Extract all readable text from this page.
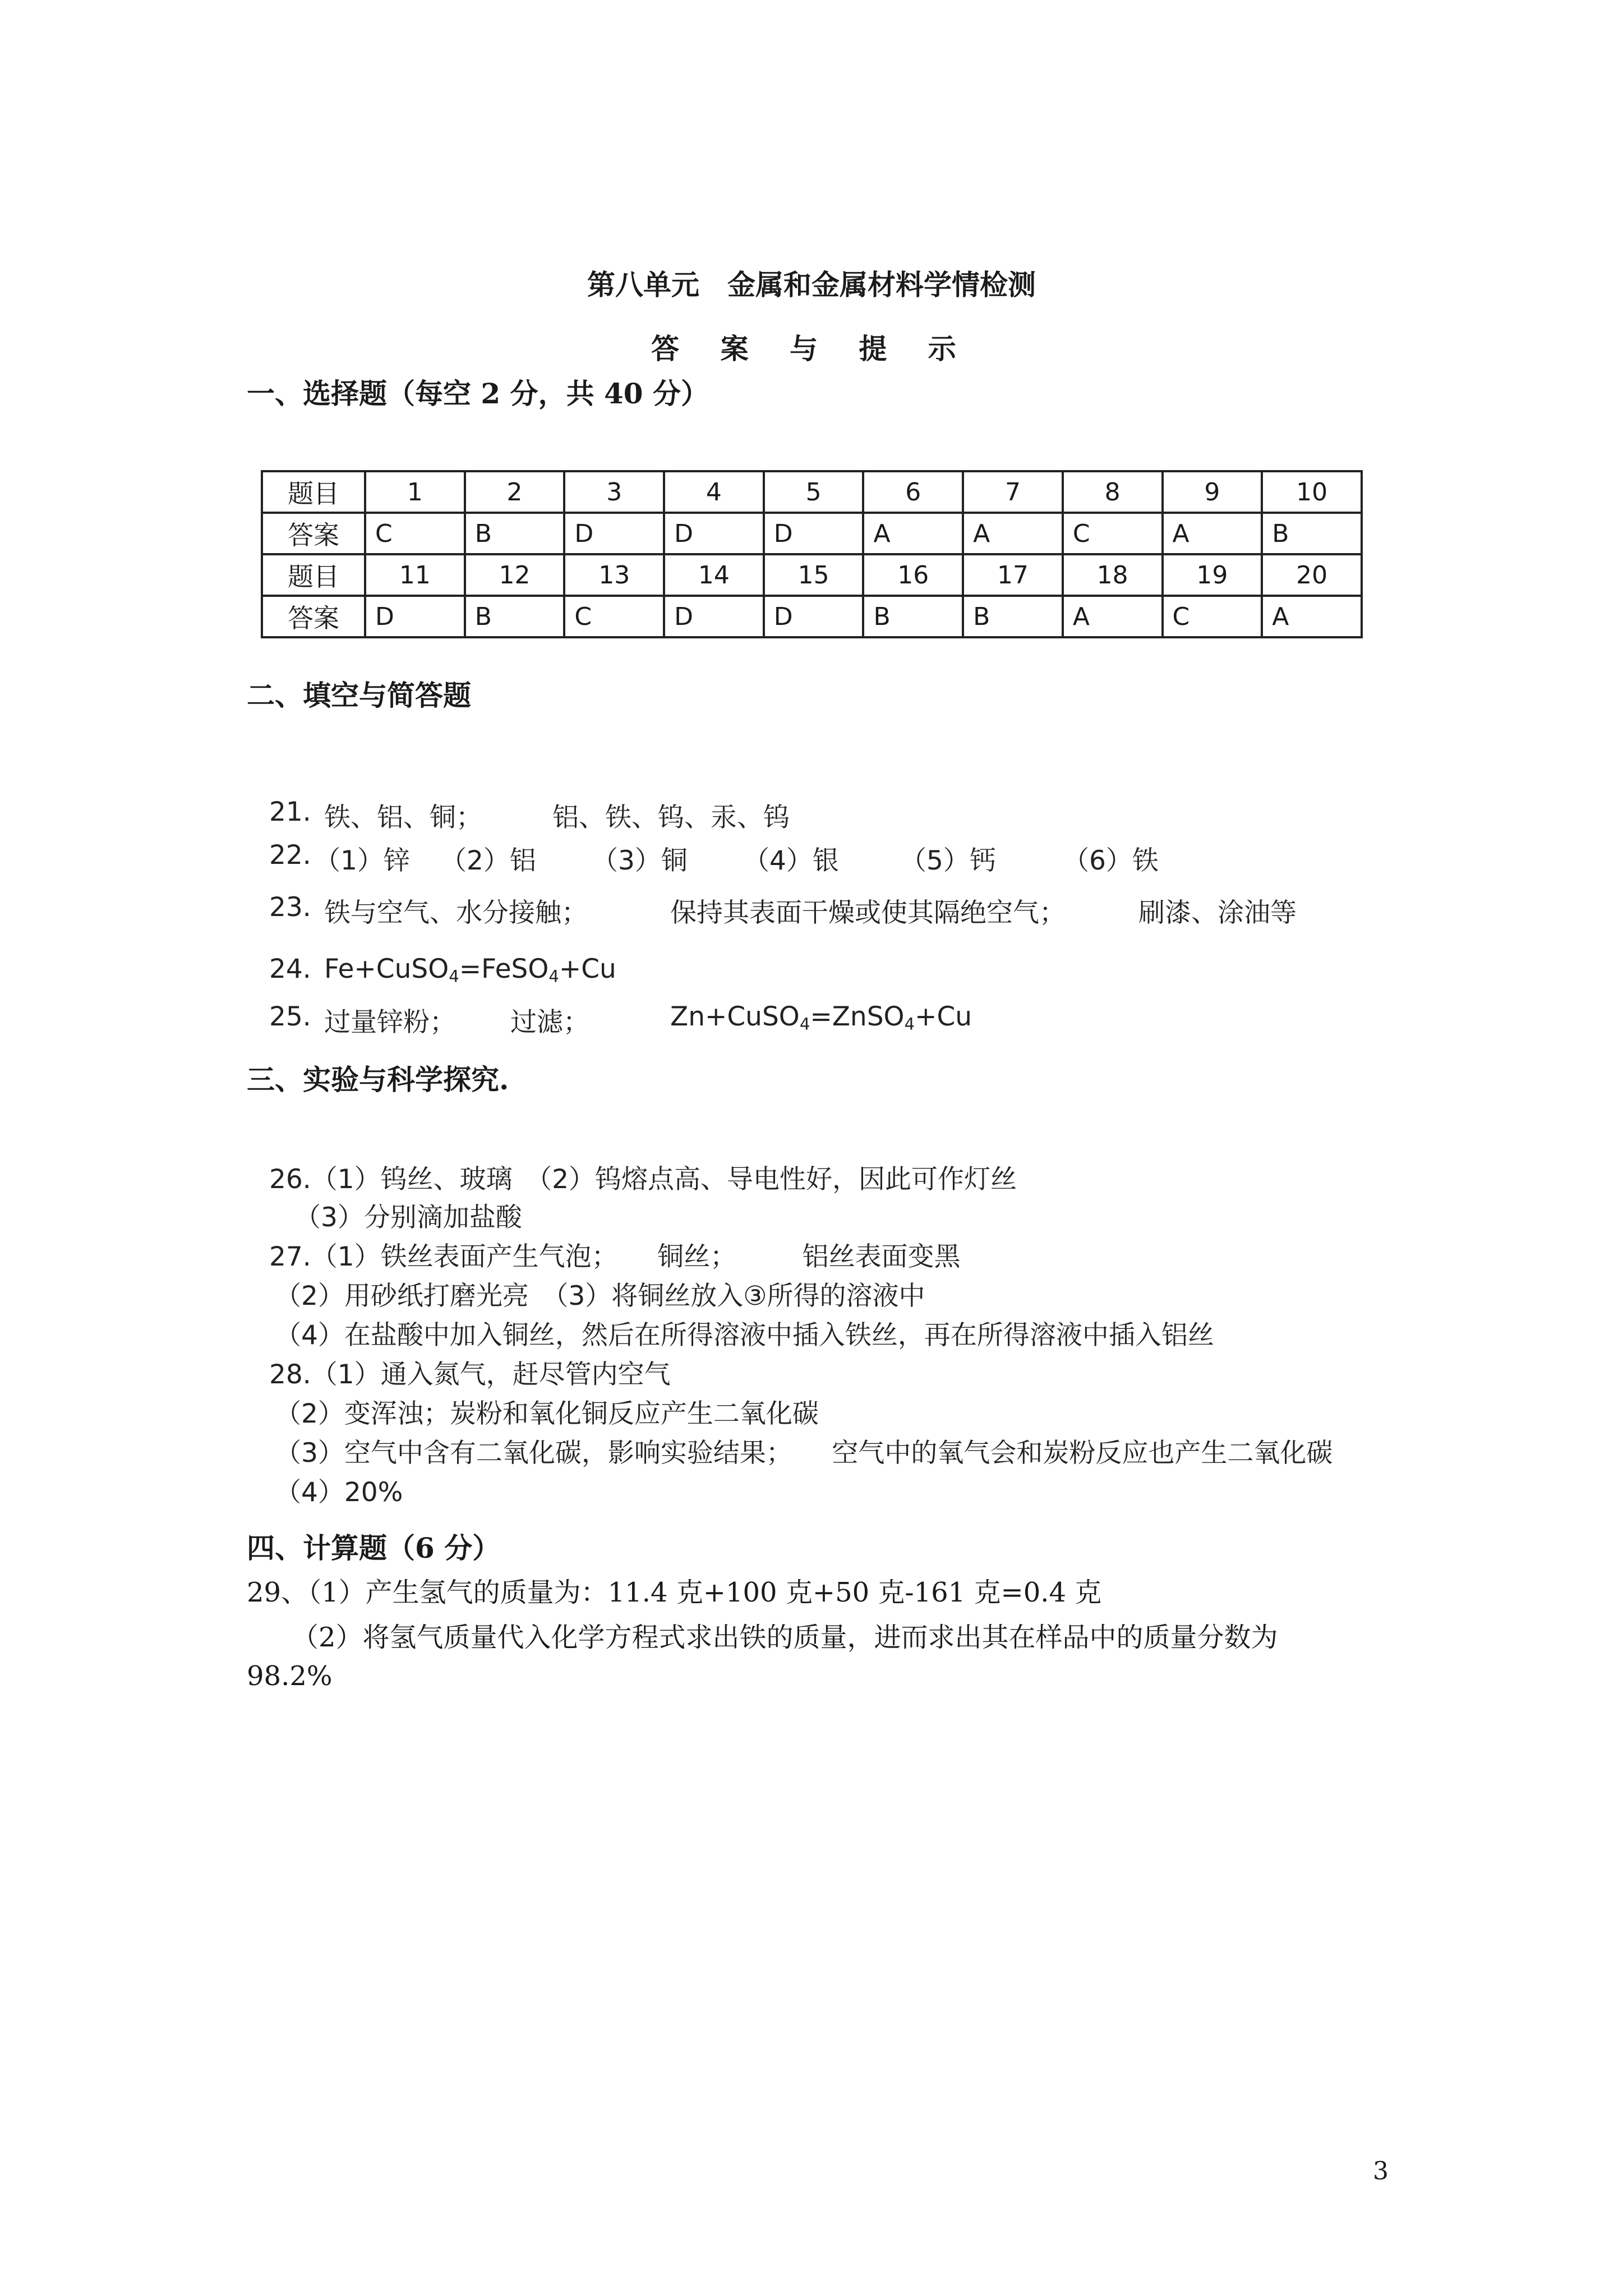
第八单元　金属和金属材料学情检测
答 案 与 提 示
一、选择题（每空 2 分，共 40 分）
题目	1	2	3	4	5	6	7	8	9	10
答案	C	B	D	D	D	A	A	C	A	B
题目	11	12	13	14	15	16	17	18	19	20
答案	D	B	C	D	D	B	B	A	C	A
二、填空与简答题

21.

铁、铝、铜；

	铝、铁、钨、汞、钨

22.

（1）锌

（2）铝

（3）铜

（4）银

（5）钙

	（6）铁

23.

铁与空气、水分接触；

	保持其表面干燥或使其隔绝空气；

	刷漆、涂油等

24.

Fe+CuSO$_4$=FeSO$_4$+Cu

25.

过量锌粉；

过滤；

	Zn+CuSO$_4$=ZnSO$_4$+Cu

三、实验与科学探究.
26.（1）钨丝、玻璃　（2）钨熔点高、导电性好，因此可作灯丝
（3）分别滴加盐酸
27.（1）铁丝表面产生气泡；　　铜丝；　　　铝丝表面变黑
（2）用砂纸打磨光亮　（3）将铜丝放入③所得的溶液中
（4）在盐酸中加入铜丝，然后在所得溶液中插入铁丝，再在所得溶液中插入铝丝
28.（1）通入氮气，赶尽管内空气
（2）变浑浊；炭粉和氧化铜反应产生二氧化碳
（3）空气中含有二氧化碳，影响实验结果；　　空气中的氧气会和炭粉反应也产生二氧化碳
（4）20%
四、计算题（6 分）
29、（1）产生氢气的质量为：11.4 克+100 克+50 克-161 克=0.4 克
（2）将氢气质量代入化学方程式求出铁的质量，进而求出其在样品中的质量分数为
98.2%
3
